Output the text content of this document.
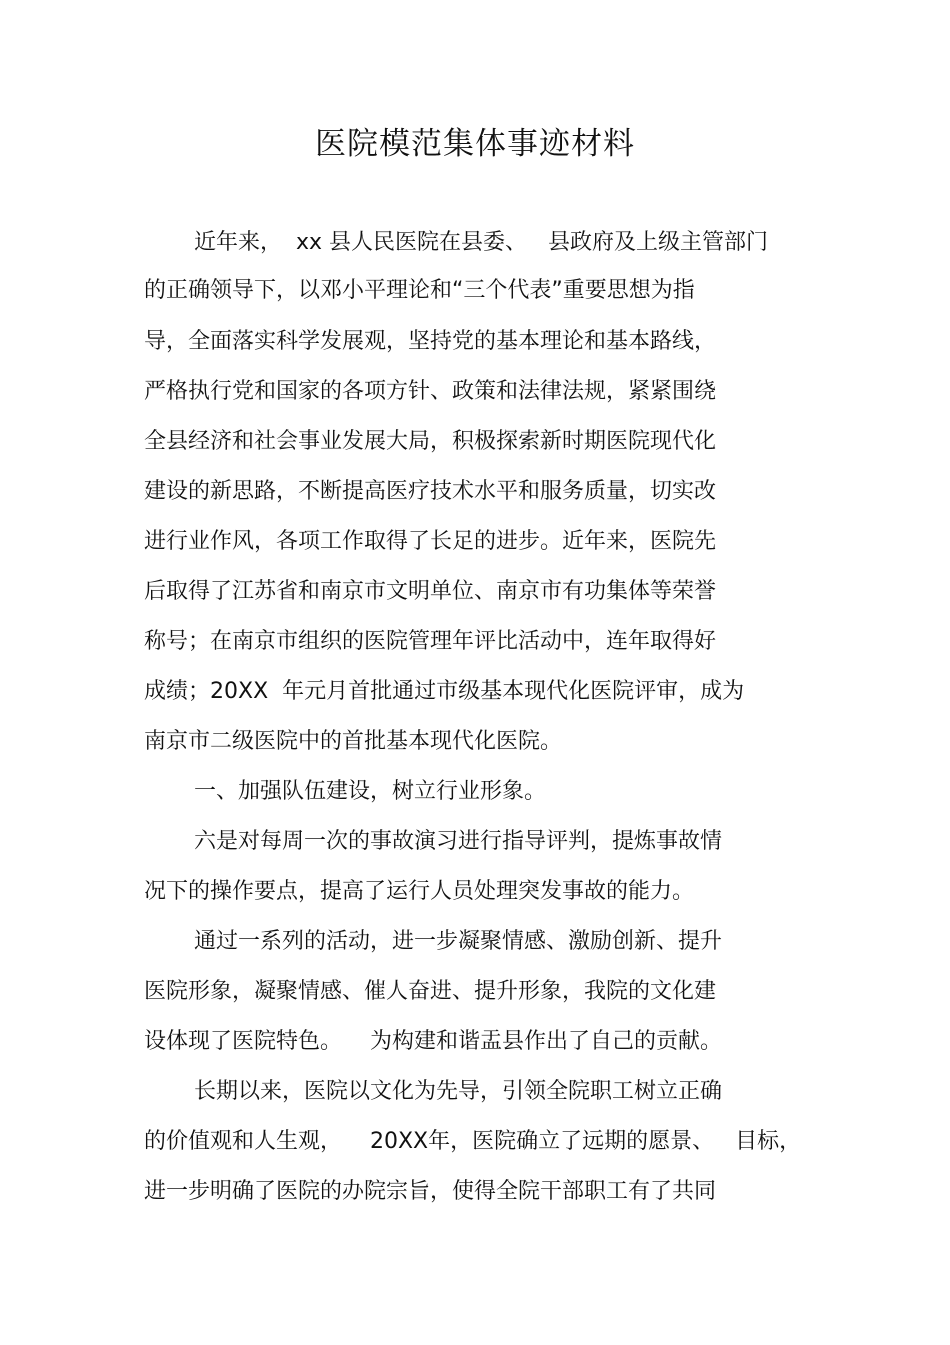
医院模范集体事迹材料
近年来，  xx 县人民医院在县委、   县政府及上级主管部门
的正确领导下，以邓小平理论和“三个代表”重要思想为指
导，全面落实科学发展观，坚持党的基本理论和基本路线，
严格执行党和国家的各项方针、政策和法律法规，紧紧围绕
全县经济和社会事业发展大局，积极探索新时期医院现代化
建设的新思路，不断提高医疗技术水平和服务质量，切实改
进行业作风，各项工作取得了长足的进步。近年来，医院先
后取得了江苏省和南京市文明单位、南京市有功集体等荣誉
称号；在南京市组织的医院管理年评比活动中，连年取得好
成绩；20XX  年元月首批通过市级基本现代化医院评审，成为
南京市二级医院中的首批基本现代化医院。
一、加强队伍建设，树立行业形象。
六是对每周一次的事故演习进行指导评判，提炼事故情
况下的操作要点，提高了运行人员处理突发事故的能力。
通过一系列的活动，进一步凝聚情感、激励创新、提升
医院形象，凝聚情感、催人奋进、提升形象，我院的文化建
设体现了医院特色。    为构建和谐盂县作出了自己的贡献。
长期以来，医院以文化为先导，引领全院职工树立正确
的价值观和人生观，    20XX年，医院确立了远期的愿景、   目标，
进一步明确了医院的办院宗旨，使得全院干部职工有了共同
